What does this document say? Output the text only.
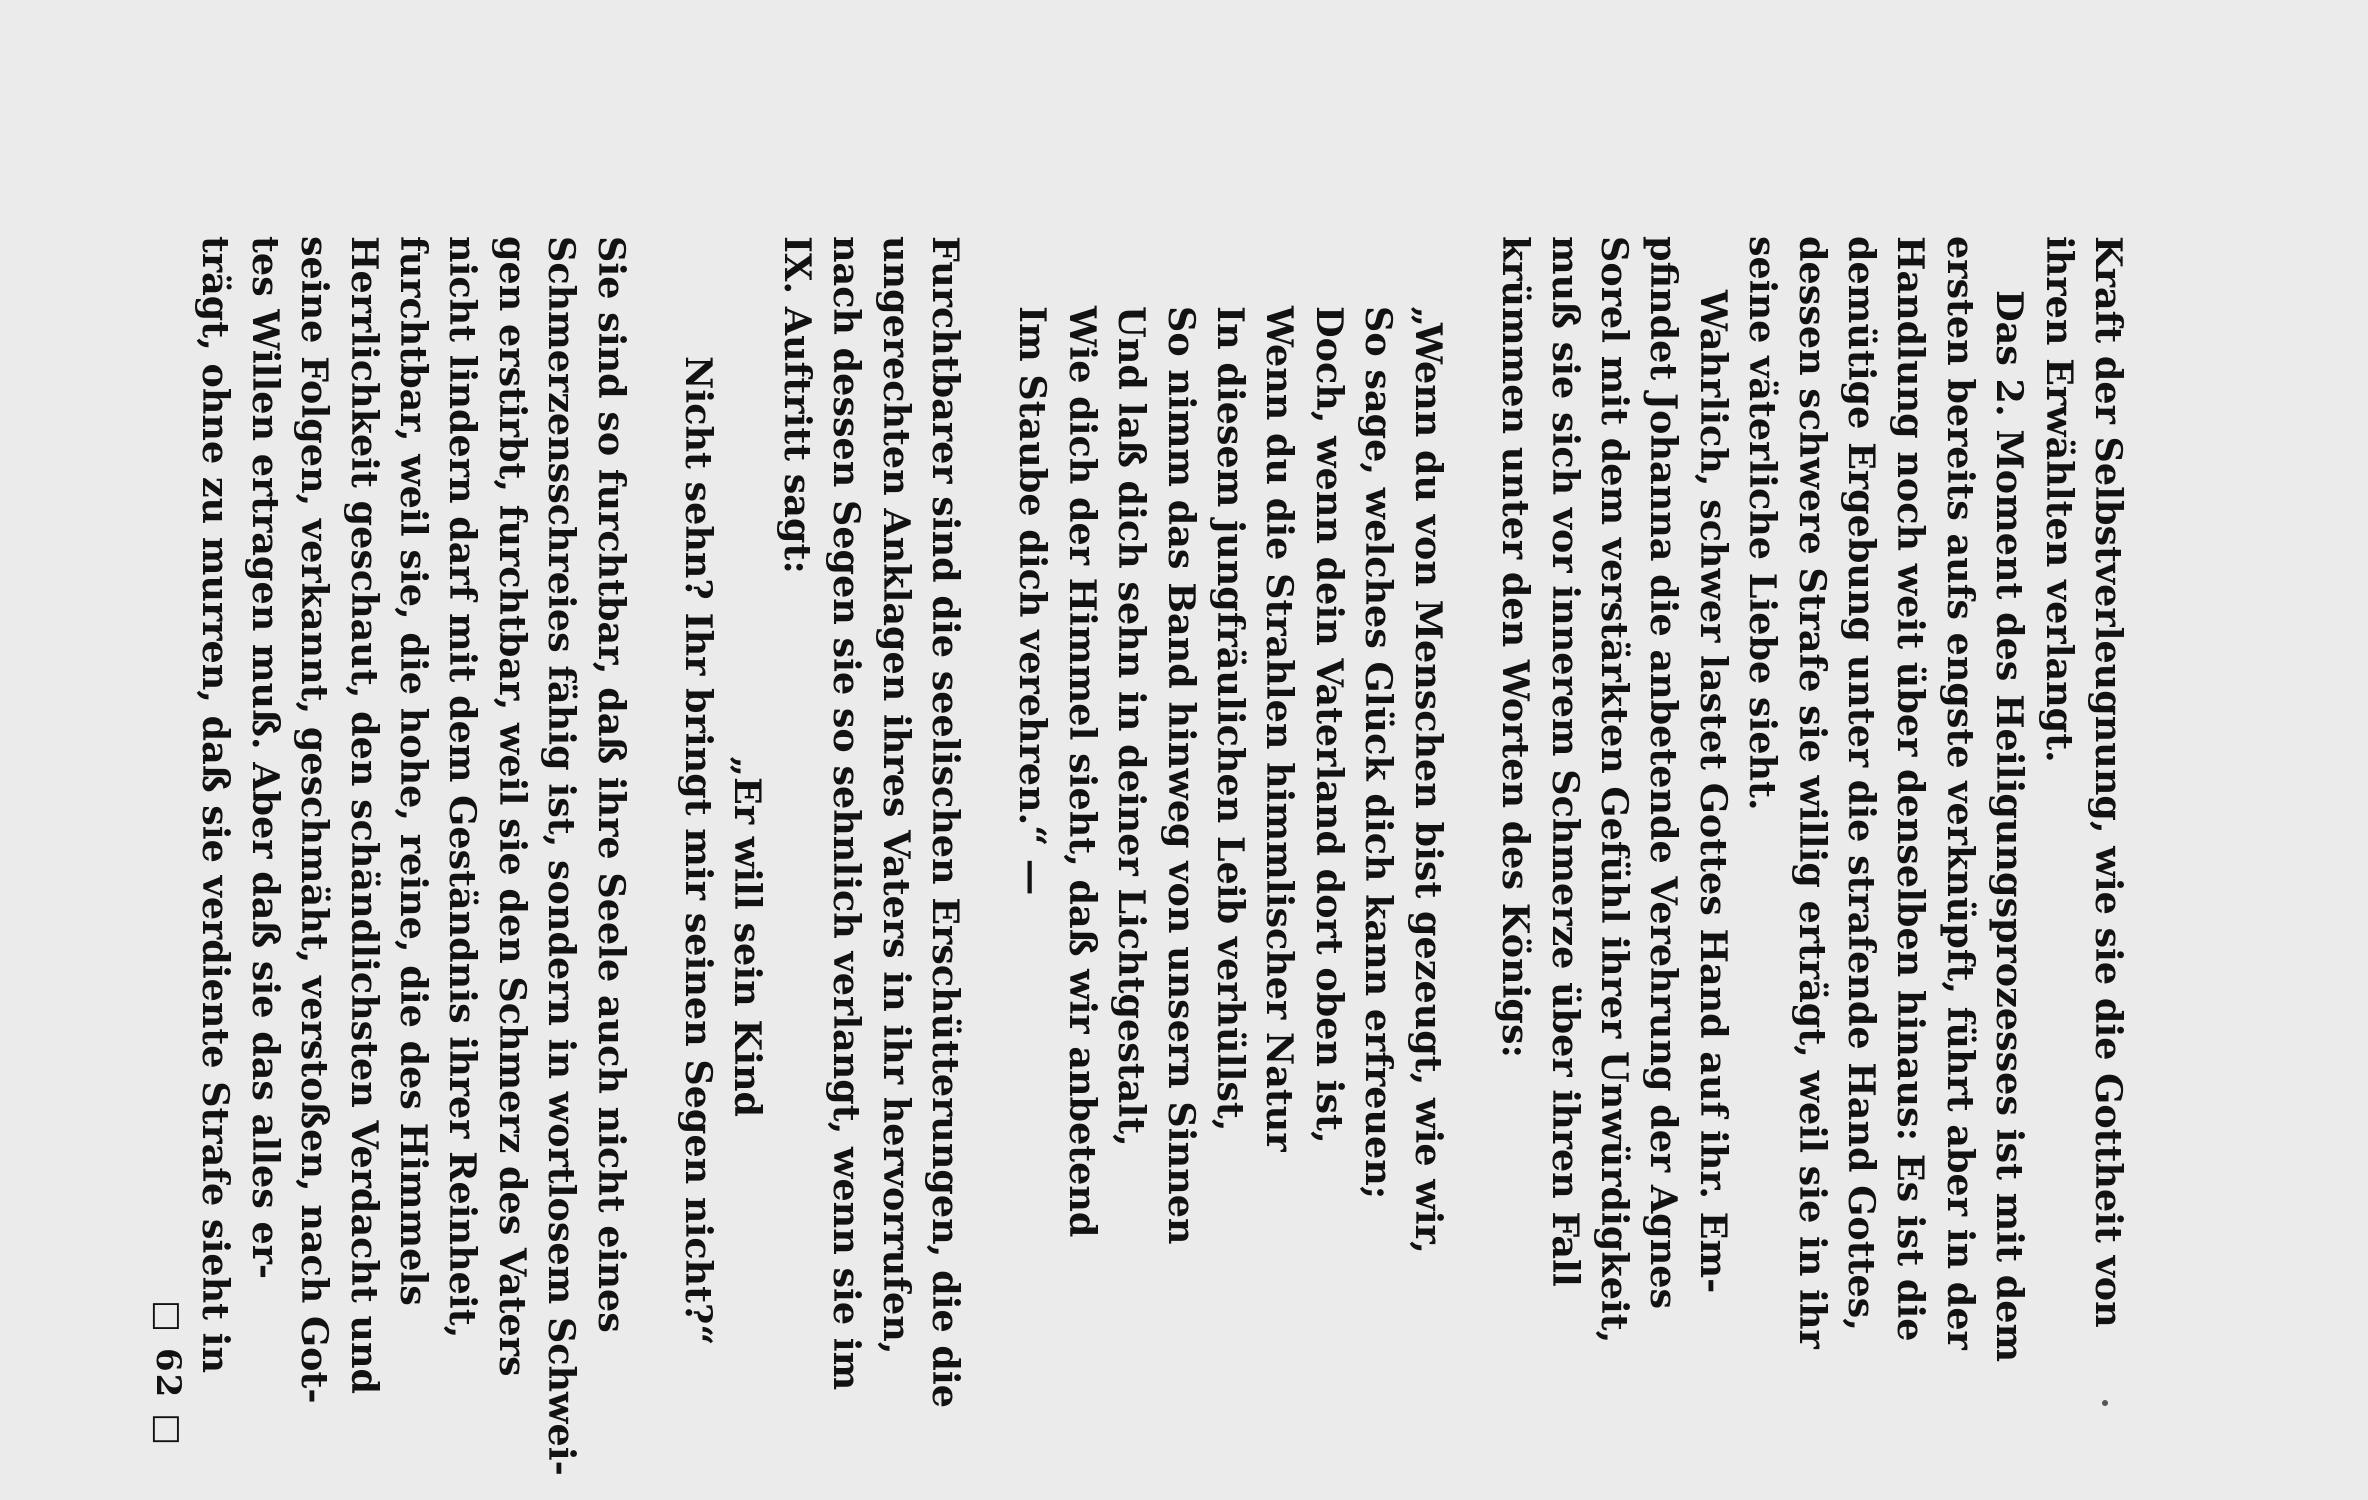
Kraft der Selbstverleugnung, wie sie die Gottheit von
ihren Erwählten verlangt.

Das 2. Moment des Heiligungsprozesses ist mit dem
ersten bereits aufs engste verknüpft, führt aber in der
Handlung noch weit über denselben hinaus: Es ist die
demütige Ergebung unter die strafende Hand Gottes,
dessen schwere Strafe sie willig erträgt, weil sie in ihr
seine väterliche Liebe sieht.

Wahrlich, schwer lastet Gottes Hand auf ihr. Em-
pfindet Johanna die anbetende Verehrung der Agnes
Sorel mit dem verstärkten Gefühl ihrer Unwürdigkeit,
muß sie sich vor innerem Schmerze über ihren Fall
krümmen unter den Worten des Königs:

„Wenn du von Menschen bist gezeugt, wie wir,
So sage, welches Glück dich kann erfreuen;
Doch, wenn dein Vaterland dort oben ist,
Wenn du die Strahlen himmlischer Natur
In diesem jungfräulichen Leib verhüllst,
So nimm das Band hinweg von unsern Sinnen
Und laß dich sehn in deiner Lichtgestalt,
Wie dich der Himmel sieht, daß wir anbetend
Im Staube dich verehren.“ —

Furchtbarer sind die seelischen Erschütterungen, die die
ungerechten Anklagen ihres Vaters in ihr hervorrufen,
nach dessen Segen sie so sehnlich verlangt, wenn sie im
IX. Auftritt sagt:

„Er will sein Kind
Nicht sehn? Ihr bringt mir seinen Segen nicht?“

Sie sind so furchtbar, daß ihre Seele auch nicht eines
Schmerzensschreies fähig ist, sondern in wortlosem Schwei-
gen erstirbt, furchtbar, weil sie den Schmerz des Vaters
nicht lindern darf mit dem Geständnis ihrer Reinheit,
furchtbar, weil sie, die hohe, reine, die des Himmels
Herrlichkeit geschaut, den schändlichsten Verdacht und
seine Folgen, verkannt, geschmäht, verstoßen, nach Got-
tes Willen ertragen muß. Aber daß sie das alles er-
trägt, ohne zu murren, daß sie verdiente Strafe sieht in

□ 62 □
